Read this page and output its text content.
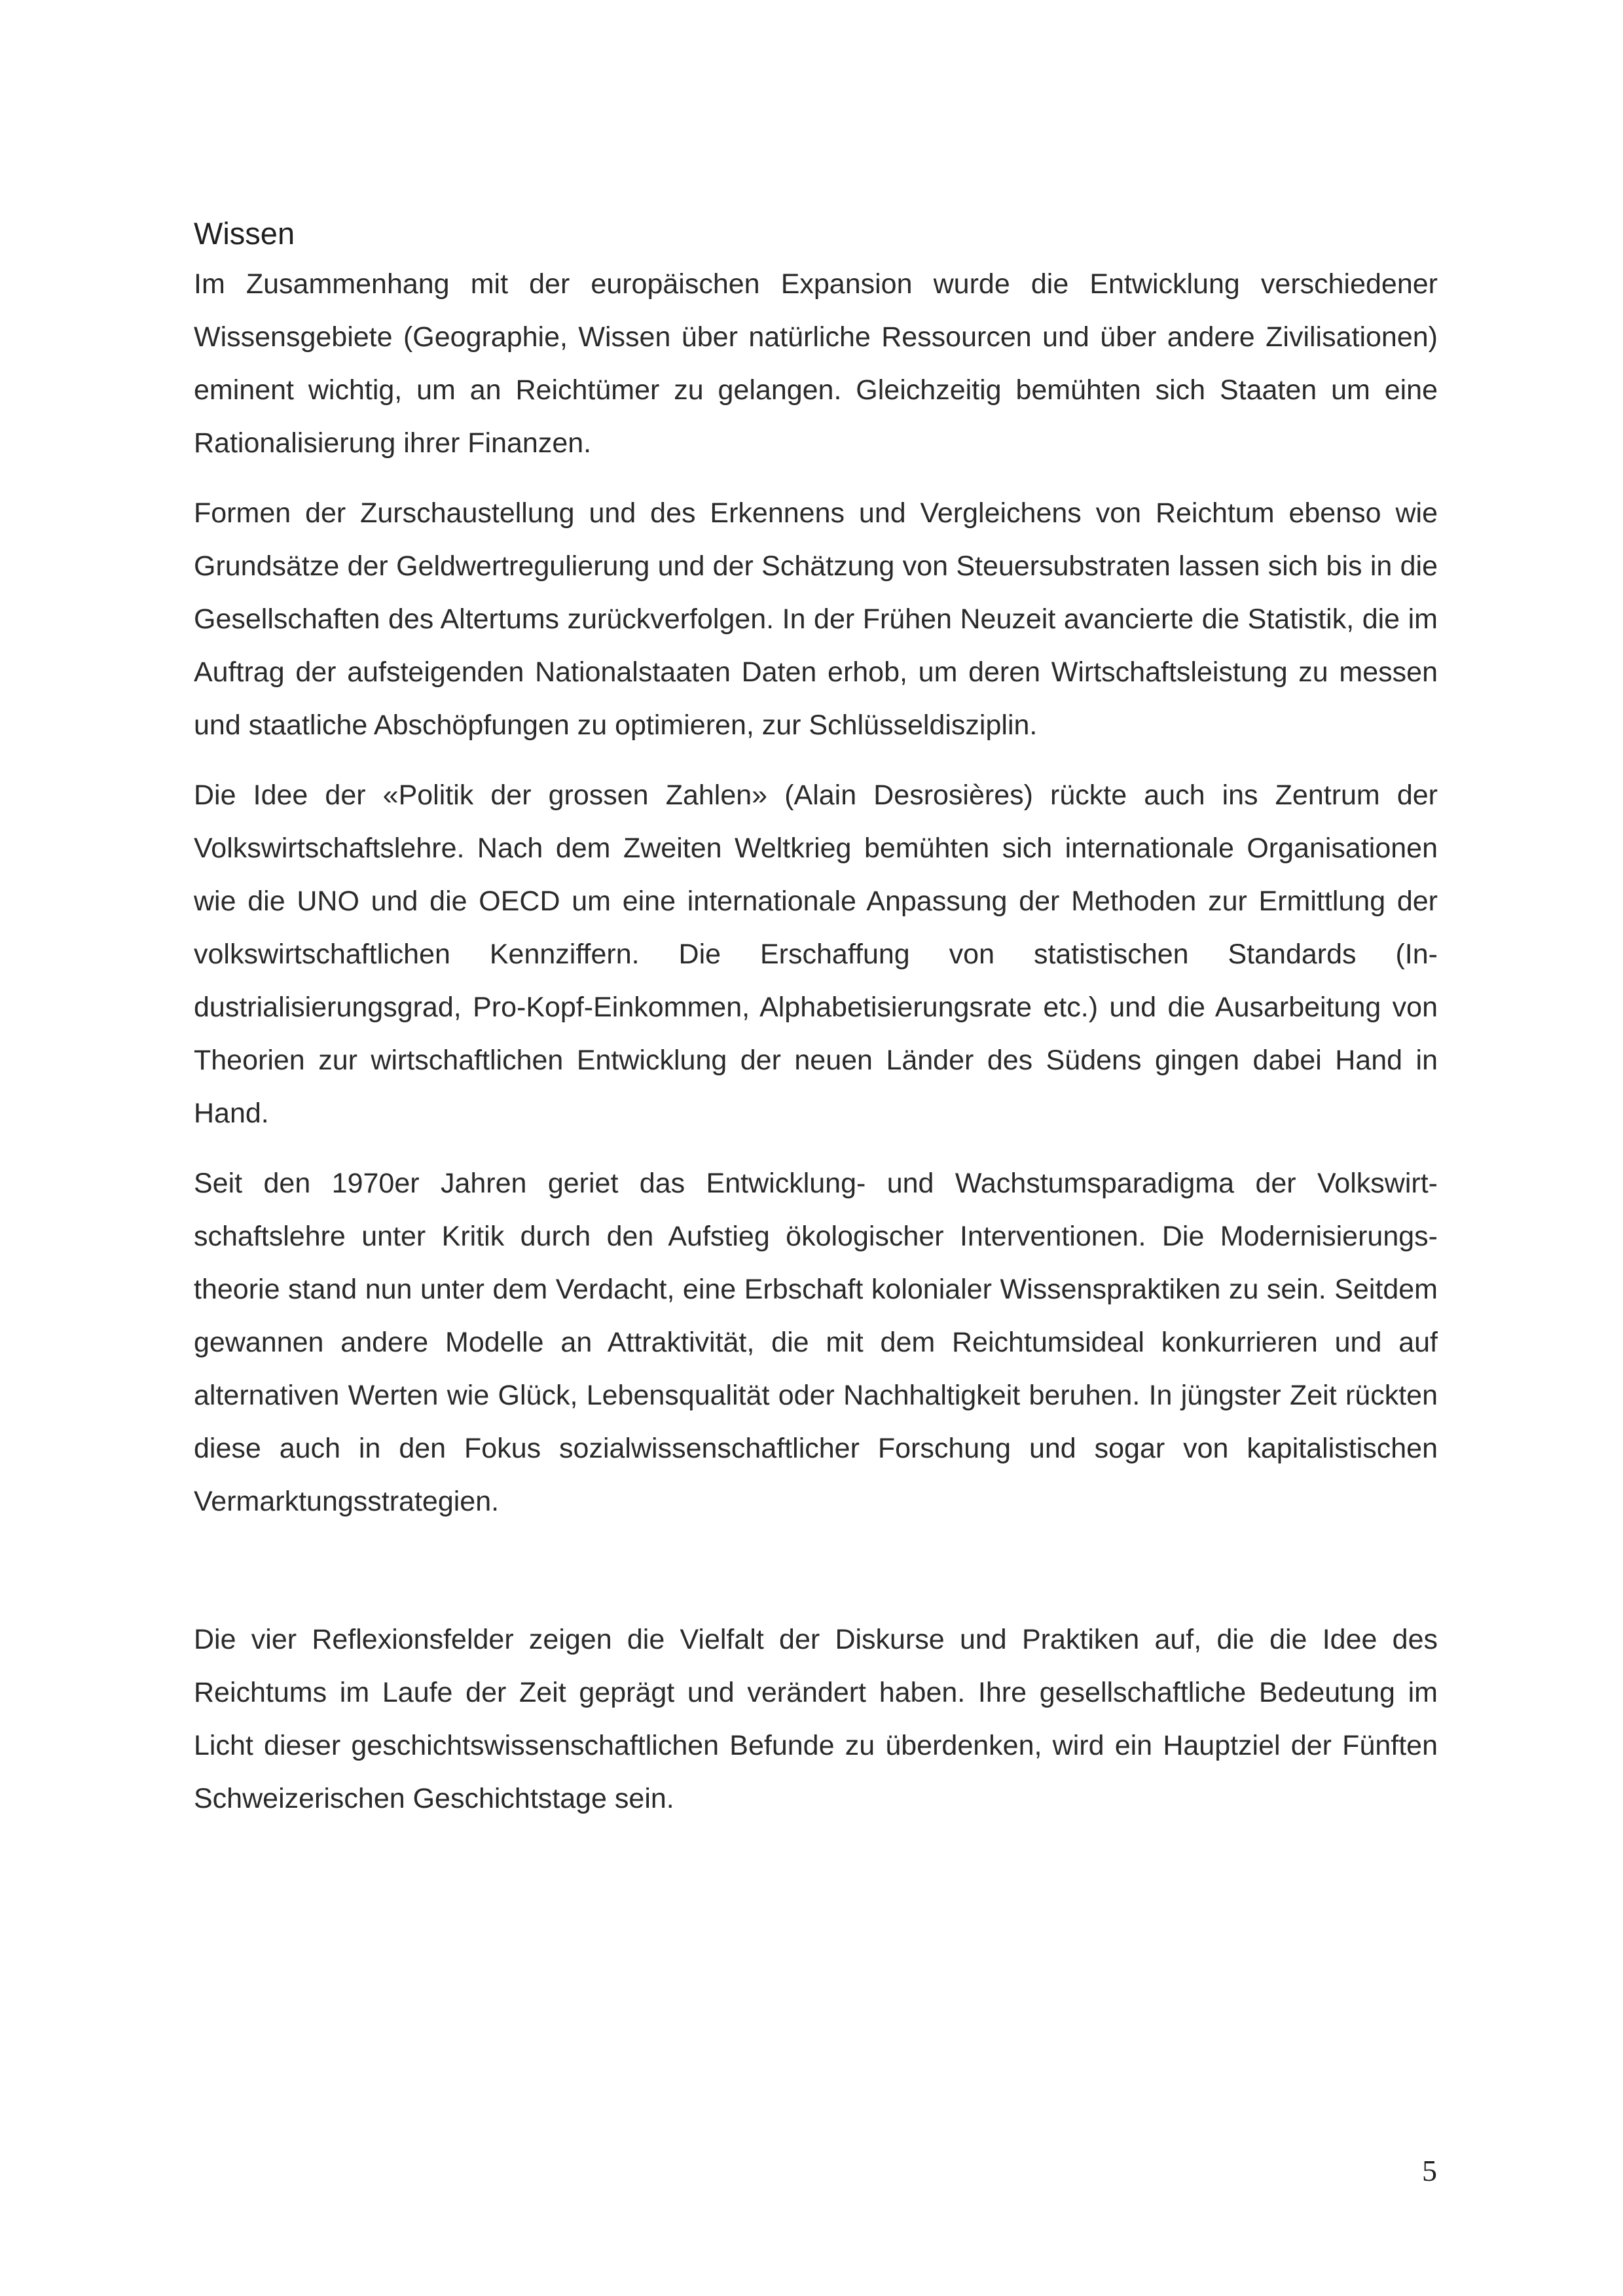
Wissen

Im Zusammenhang mit der europäischen Expansion wurde die Entwicklung verschiedener Wissensgebiete (Geographie, Wissen über natürliche Ressourcen und über andere Zivilisationen) eminent wichtig, um an Reichtümer zu gelangen. Gleichzeitig bemühten sich Staaten um eine Rationalisierung ihrer Finanzen.

Formen der Zurschaustellung und des Erkennens und Vergleichens von Reichtum ebenso wie Grundsätze der Geldwertregulierung und der Schätzung von Steuersubstraten lassen sich bis in die Gesellschaften des Altertums zurückverfolgen. In der Frühen Neuzeit avancierte die Statistik, die im Auftrag der aufsteigenden Nationalstaaten Daten erhob, um deren Wirtschaftsleistung zu messen und staatliche Abschöpfungen zu optimieren, zur Schlüsseldisziplin.

Die Idee der «Politik der grossen Zahlen» (Alain Desrosières) rückte auch ins Zentrum der Volkswirtschaftslehre. Nach dem Zweiten Weltkrieg bemühten sich internationale Organisationen wie die UNO und die OECD um eine internationale Anpassung der Methoden zur Ermittlung der volkswirtschaftlichen Kennziffern. Die Erschaffung von statistischen Standards (Industrialisierungsgrad, Pro-Kopf-Einkommen, Alphabetisierungsrate etc.) und die Ausarbeitung von Theorien zur wirtschaftlichen Entwicklung der neuen Länder des Südens gingen dabei Hand in Hand.

Seit den 1970er Jahren geriet das Entwicklung- und Wachstumsparadigma der Volkswirtschaftslehre unter Kritik durch den Aufstieg ökologischer Interventionen. Die Modernisierungstheorie stand nun unter dem Verdacht, eine Erbschaft kolonialer Wissenspraktiken zu sein. Seitdem gewannen andere Modelle an Attraktivität, die mit dem Reichtumsideal konkurrieren und auf alternativen Werten wie Glück, Lebensqualität oder Nachhaltigkeit beruhen. In jüngster Zeit rückten diese auch in den Fokus sozialwissenschaftlicher Forschung und sogar von kapitalistischen Vermarktungsstrategien.

Die vier Reflexionsfelder zeigen die Vielfalt der Diskurse und Praktiken auf, die die Idee des Reichtums im Laufe der Zeit geprägt und verändert haben. Ihre gesellschaftliche Bedeutung im Licht dieser geschichtswissenschaftlichen Befunde zu überdenken, wird ein Hauptziel der Fünften Schweizerischen Geschichtstage sein.

5
